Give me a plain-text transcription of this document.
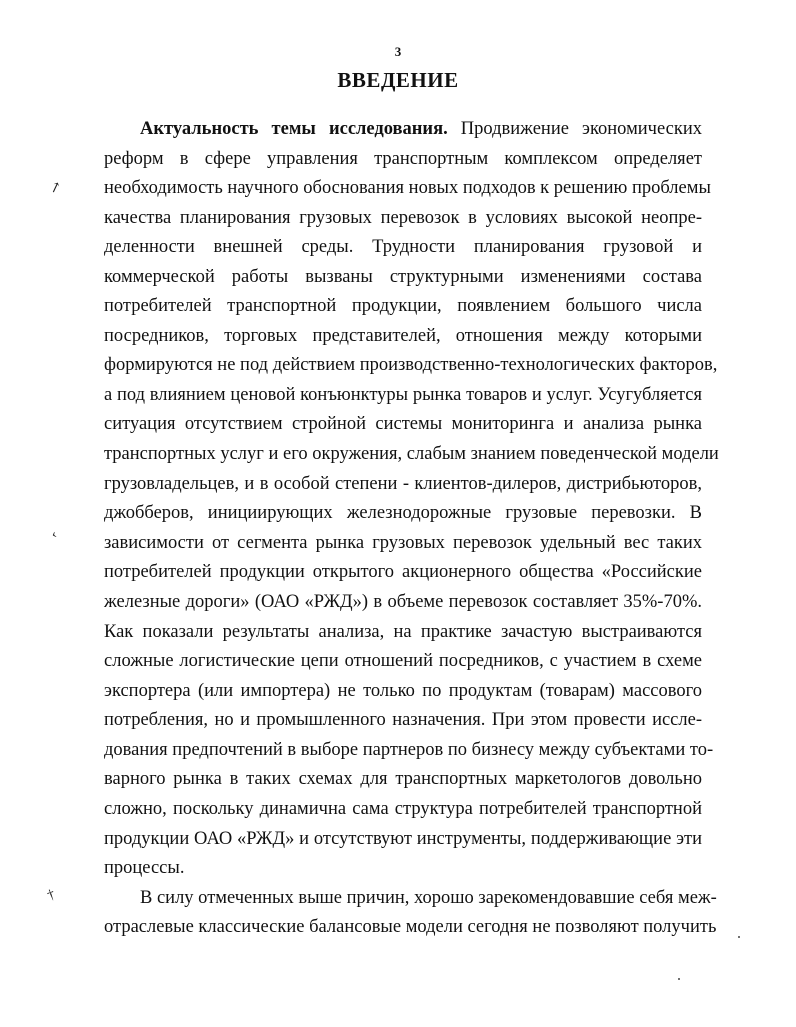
3
ВВЕДЕНИЕ
Актуальность темы исследования. Продвижение экономических
реформ в сфере управления транспортным комплексом определяет
необходимость научного обоснования новых подходов к решению проблемы
качества планирования грузовых перевозок в условиях высокой неопре-
деленности внешней среды. Трудности планирования грузовой и
коммерческой работы вызваны структурными изменениями состава
потребителей транспортной продукции, появлением большого числа
посредников, торговых представителей, отношения между которыми
формируются не под действием производственно-технологических факторов,
а под влиянием ценовой конъюнктуры рынка товаров и услуг. Усугубляется
ситуация отсутствием стройной системы мониторинга и анализа рынка
транспортных услуг и его окружения, слабым знанием поведенческой модели
грузовладельцев, и в особой степени - клиентов-дилеров, дистрибьюторов,
джобберов, инициирующих железнодорожные грузовые перевозки. В
зависимости от сегмента рынка грузовых перевозок удельный вес таких
потребителей продукции открытого акционерного общества «Российские
железные дороги» (ОАО «РЖД») в объеме перевозок составляет 35%-70%.
Как показали результаты анализа, на практике зачастую выстраиваются
сложные логистические цепи отношений посредников, с участием в схеме
экспортера (или импортера) не только по продуктам (товарам) массового
потребления, но и промышленного назначения. При этом провести иссле-
дования предпочтений в выборе партнеров по бизнесу между субъектами то-
варного рынка в таких схемах для транспортных маркетологов довольно
сложно, поскольку динамична сама структура потребителей транспортной
продукции ОАО «РЖД» и отсутствуют инструменты, поддерживающие эти
процессы.
В силу отмеченных выше причин, хорошо зарекомендовавшие себя меж-
отраслевые классические балансовые модели сегодня не позволяют получить
↗
‹
†
